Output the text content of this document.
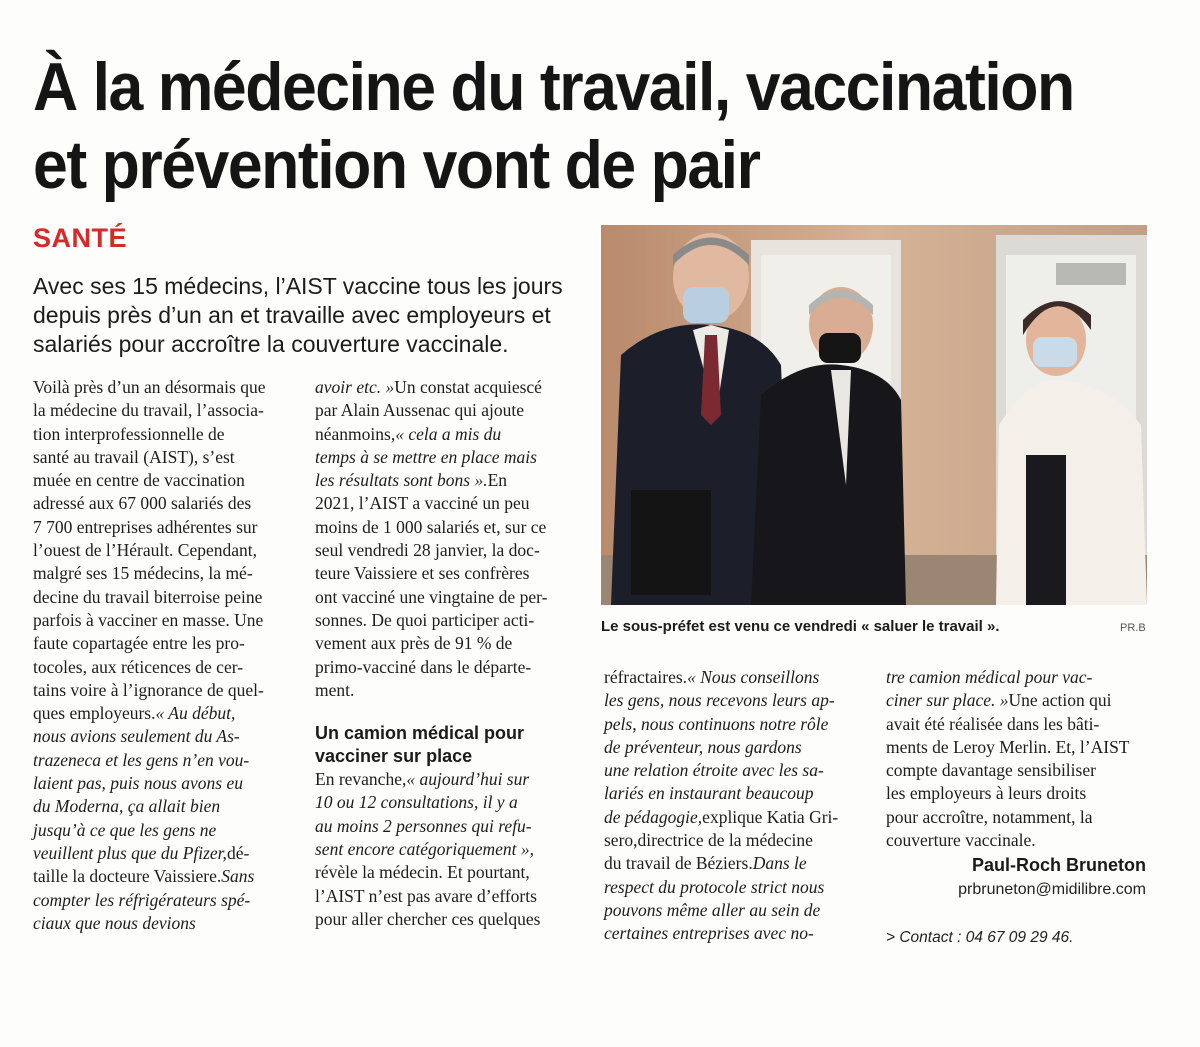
À la médecine du travail, vaccination
et prévention vont de pair
SANTÉ
Avec ses 15 médecins, l’AIST vaccine tous les jours
depuis près d’un an et travaille avec employeurs et
salariés pour accroître la couverture vaccinale.
Voilà près d’un an désormais que
la médecine du travail, l’associa-
tion interprofessionnelle de
santé au travail (AIST), s’est
muée en centre de vaccination
adressé aux 67 000 salariés des
7 700 entreprises adhérentes sur
l’ouest de l’Hérault. Cependant,
malgré ses 15 médecins, la mé-
decine du travail biterroise peine
parfois à vacciner en masse. Une
faute copartagée entre les pro-
tocoles, aux réticences de cer-
tains voire à l’ignorance de quel-
ques employeurs. « Au début,
nous avions seulement du As-
trazeneca et les gens n’en vou-
laient pas, puis nous avons eu
du Moderna, ça allait bien
jusqu’à ce que les gens ne
veuillent plus que du Pfizer, dé-
taille la docteure Vaissiere. Sans
compter les réfrigérateurs spé-
ciaux que nous devions
avoir etc. » Un constat acquiescé
par Alain Aussenac qui ajoute
néanmoins, « cela a mis du
temps à se mettre en place mais
les résultats sont bons ». En
2021, l’AIST a vacciné un peu
moins de 1 000 salariés et, sur ce
seul vendredi 28 janvier, la doc-
teure Vaissiere et ses confrères
ont vacciné une vingtaine de per-
sonnes. De quoi participer acti-
vement aux près de 91 % de
primo-vacciné dans le départe-
ment.
Un camion médical pour
vacciner sur place
En revanche, « aujourd’hui sur
10 ou 12 consultations, il y a
au moins 2 personnes qui refu-
sent encore catégoriquement »,
révèle la médecin. Et pourtant,
l’AIST n’est pas avare d’efforts
pour aller chercher ces quelques
Le sous-préfet est venu ce vendredi « saluer le travail ».	PR.B
réfractaires. « Nous conseillons
les gens, nous recevons leurs ap-
pels, nous continuons notre rôle
de préventeur, nous gardons
une relation étroite avec les sa-
lariés en instaurant beaucoup
de pédagogie, explique Katia Gri-
sero, directrice de la médecine
du travail de Béziers. Dans le
respect du protocole strict nous
pouvons même aller au sein de
certaines entreprises avec no-
tre camion médical pour vac-
ciner sur place. » Une action qui
a vait été réalisée dans les bâti-
ments de Leroy Merlin. Et, l’AIST
compte davantage sensibiliser
les employeurs à leurs droits
pour accroître, notamment, la
couverture vaccinale.
Paul-Roch Bruneton
prbruneton@midilibre.com
> Contact : 04 67 09 29 46.
